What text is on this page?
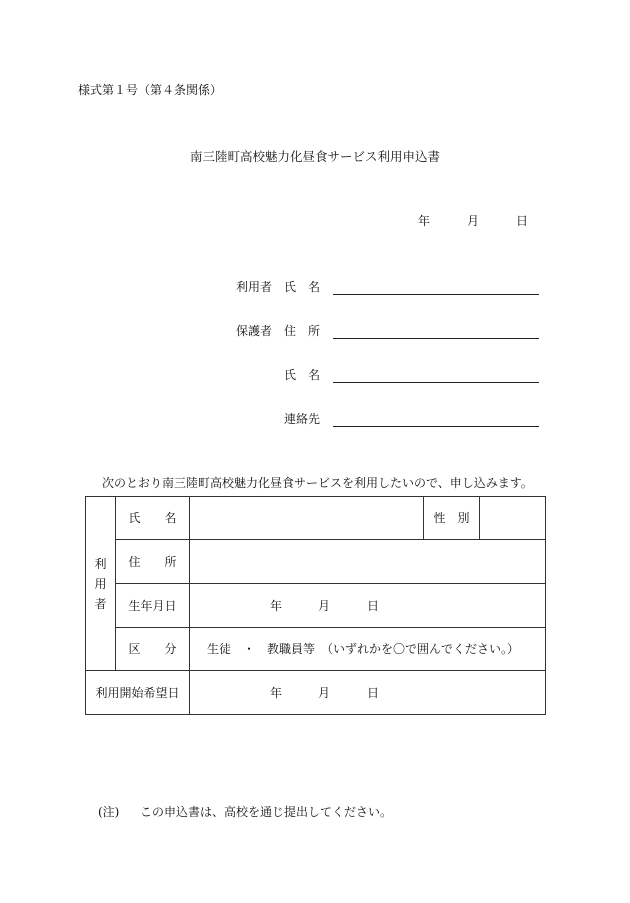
様式第１号（第４条関係）
南三陸町高校魅力化昼食サービス利用申込書
年	月	日
利用者 氏　名
保護者 住　所
氏　名
連絡先
次のとおり南三陸町高校魅力化昼食サービスを利用したいので、申し込みます。
利
用
者	氏　　名		性　別	
	住　　所			
	生年月日	年 月 日		

	区　　分	生徒　・　教職員等　（いずれかを〇で囲んでください。）		
利用開始希望日		年 月 日		
(注) この申込書は、高校を通じ提出してください。
